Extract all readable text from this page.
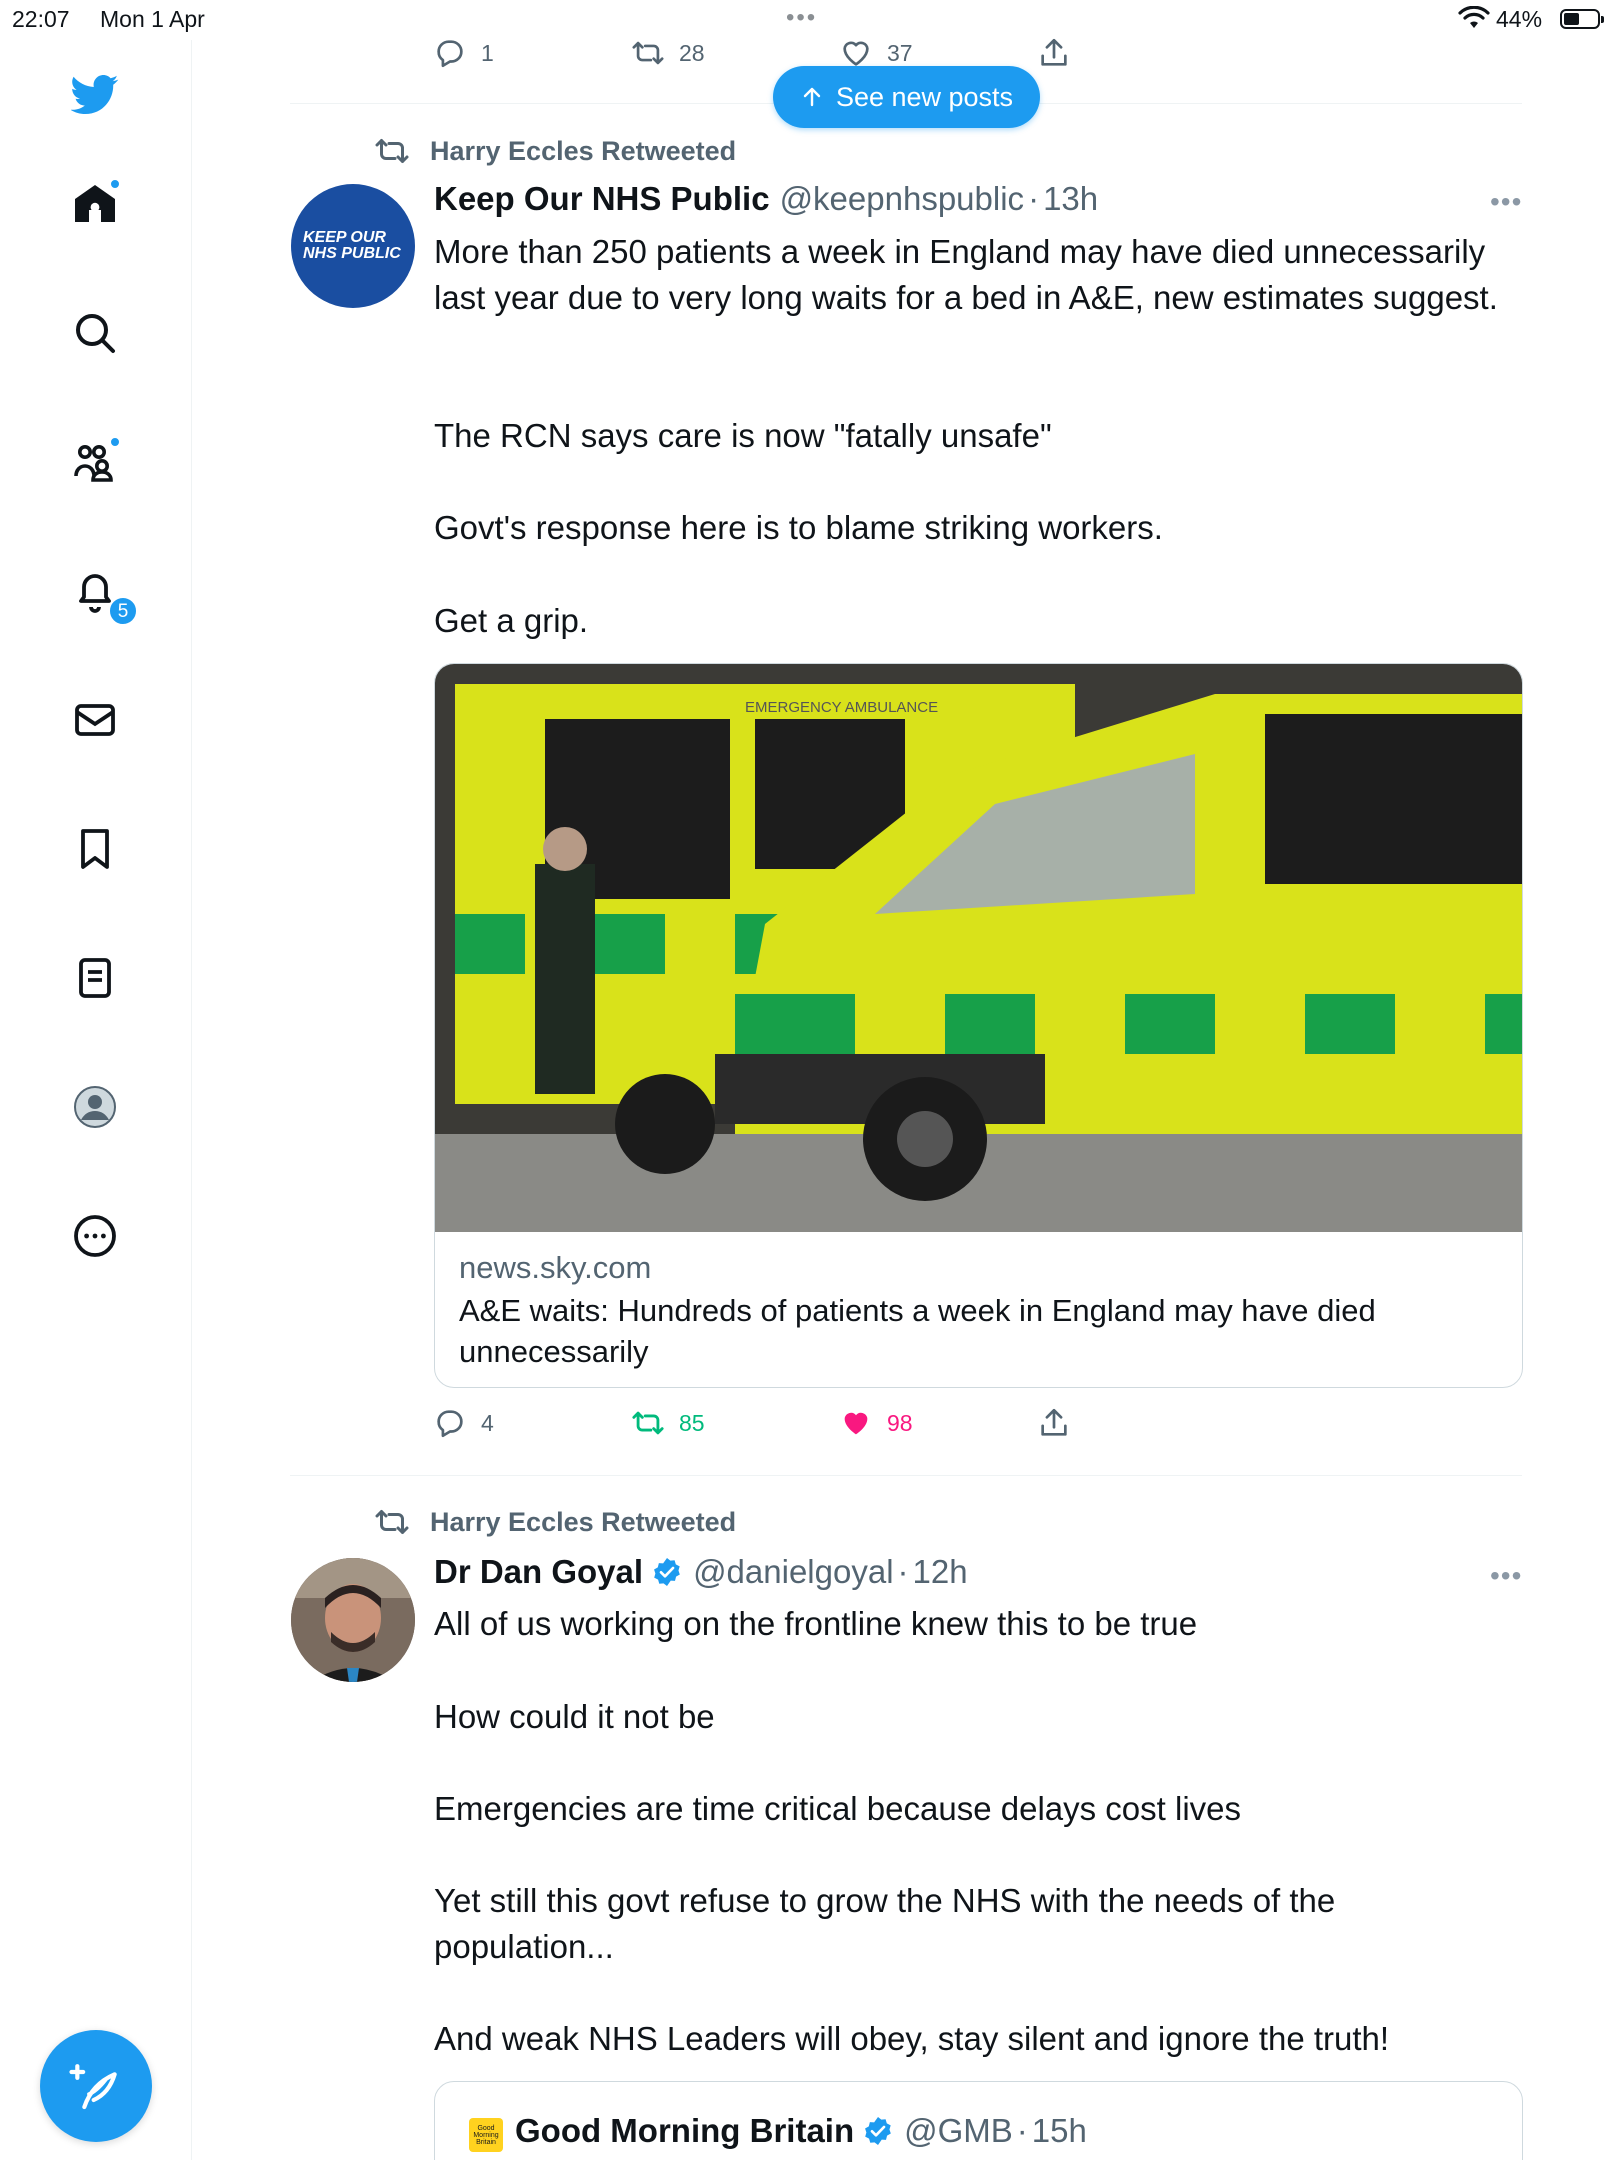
22:07 Mon 1 Apr	•••	44%
5
1	28	37
See new posts
Harry Eccles Retweeted
KEEP OUR
NHS PUBLIC
Keep Our NHS Public @keepnhspublic · 13h	•••

More than 250 patients a week in England may have died unnecessarily last year due to very long waits for a bed in A&E, new estimates suggest.

The RCN says care is now "fatally unsafe"

Govt's response here is to blame striking workers.

Get a grip.

EMERGENCY AMBULANCE
news.sky.com
A&E waits: Hundreds of patients a week in England may have died unnecessarily
4	85	98
Harry Eccles Retweeted
Dr Dan Goyal @danielgoyal · 12h	•••

All of us working on the frontline knew this to be true

How could it not be

Emergencies are time critical because delays cost lives

Yet still this govt refuse to grow the NHS with the needs of the population...

And weak NHS Leaders will obey, stay silent and ignore the truth!

Good Morning Britain Good Morning Britain @GMB · 15h
